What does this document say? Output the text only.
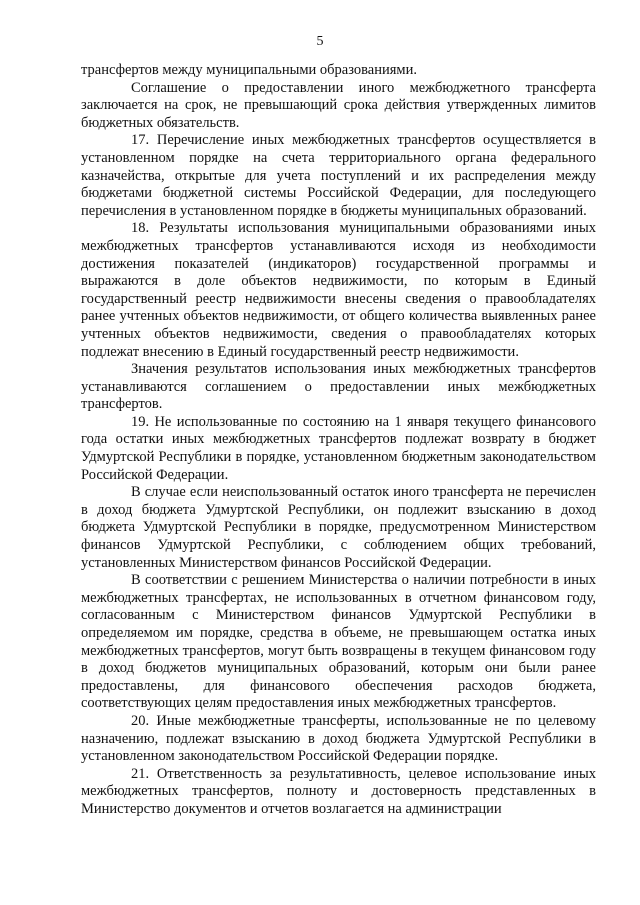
5

трансфертов между муниципальными образованиями.

Соглашение о предоставлении иного межбюджетного трансферта заключается на срок, не превышающий срока действия утвержденных лимитов бюджетных обязательств.

17. Перечисление иных межбюджетных трансфертов осуществляется в установленном порядке на счета территориального органа федерального казначейства, открытые для учета поступлений и их распределения между бюджетами бюджетной системы Российской Федерации, для последующего перечисления в установленном порядке в бюджеты муниципальных образований.

18. Результаты использования муниципальными образованиями иных межбюджетных трансфертов устанавливаются исходя из необходимости достижения показателей (индикаторов) государственной программы и выражаются в доле объектов недвижимости, по которым в Единый государственный реестр недвижимости внесены сведения о правообладателях ранее учтенных объектов недвижимости, от общего количества выявленных ранее учтенных объектов недвижимости, сведения о правообладателях которых подлежат внесению в Единый государственный реестр недвижимости.

Значения результатов использования иных межбюджетных трансфертов устанавливаются соглашением о предоставлении иных межбюджетных трансфертов.

19. Не использованные по состоянию на 1 января текущего финансового года остатки иных межбюджетных трансфертов подлежат возврату в бюджет Удмуртской Республики в порядке, установленном бюджетным законодательством Российской Федерации.

В случае если неиспользованный остаток иного трансферта не перечислен в доход бюджета Удмуртской Республики, он подлежит взысканию в доход бюджета Удмуртской Республики в порядке, предусмотренном Министерством финансов Удмуртской Республики, с соблюдением общих требований, установленных Министерством финансов Российской Федерации.

В соответствии с решением Министерства о наличии потребности в иных межбюджетных трансфертах, не использованных в отчетном финансовом году, согласованным с Министерством финансов Удмуртской Республики в определяемом им порядке, средства в объеме, не превышающем остатка иных межбюджетных трансфертов, могут быть возвращены в текущем финансовом году в доход бюджетов муниципальных образований, которым они были ранее предоставлены, для финансового обеспечения расходов бюджета, соответствующих целям предоставления иных межбюджетных трансфертов.

20. Иные межбюджетные трансферты, использованные не по целевому назначению, подлежат взысканию в доход бюджета Удмуртской Республики в установленном законодательством Российской Федерации порядке.

21. Ответственность за результативность, целевое использование иных межбюджетных трансфертов, полноту и достоверность представленных в Министерство документов и отчетов возлагается на администрации
